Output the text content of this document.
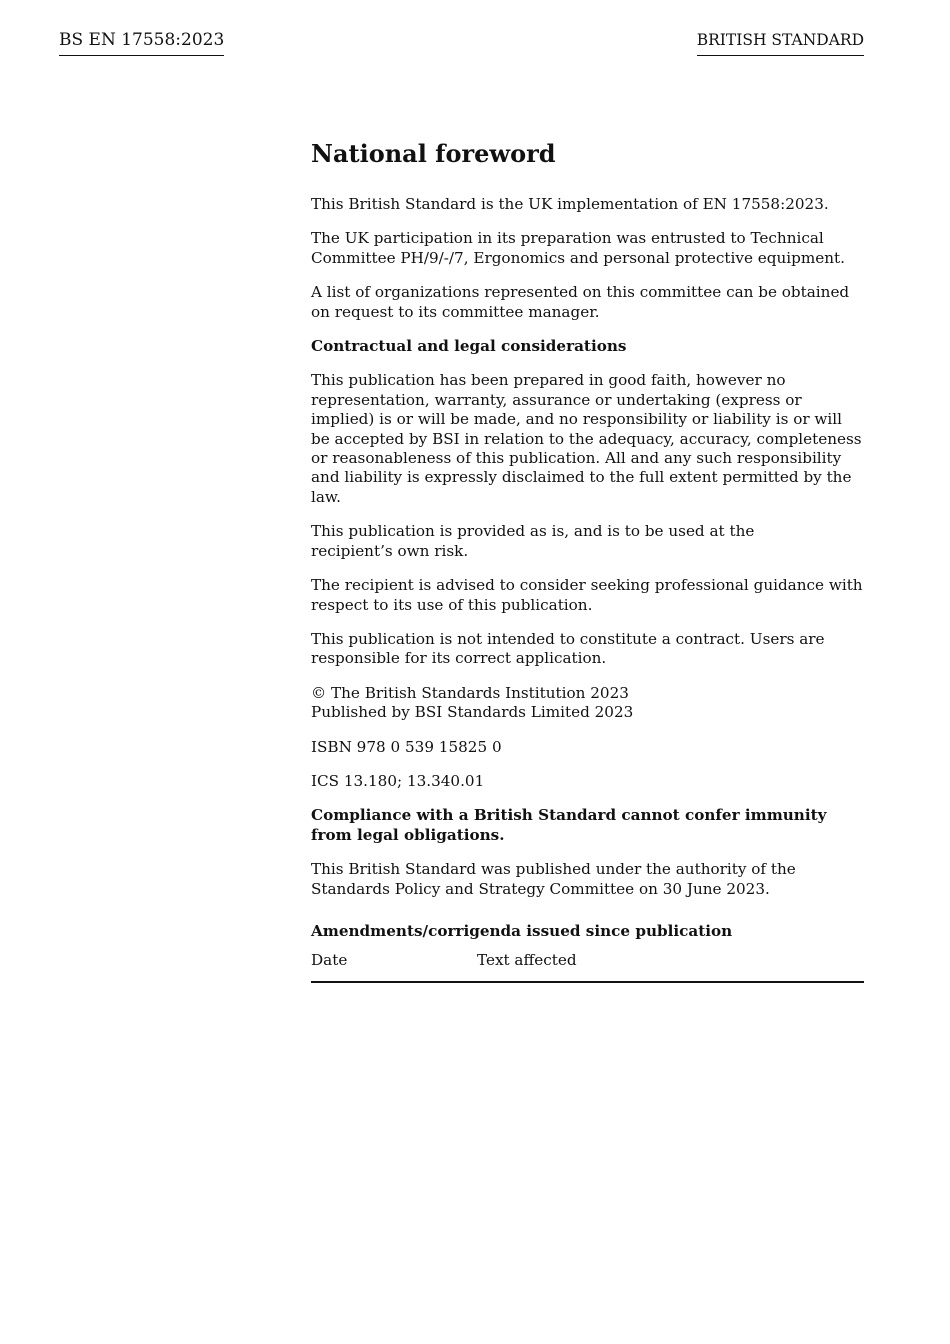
BS EN 17558:2023	BRITISH STANDARD
National foreword

This British Standard is the UK implementation of EN 17558:2023.

The UK participation in its preparation was entrusted to Technical Committee PH/9/-/7, Ergonomics and personal protective equipment.

A list of organizations represented on this committee can be obtained on request to its committee manager.

Contractual and legal considerations

This publication has been prepared in good faith, however no representation, warranty, assurance or undertaking (express or implied) is or will be made, and no responsibility or liability is or will be accepted by BSI in relation to the adequacy, accuracy, completeness or reasonableness of this publication. All and any such responsibility and liability is expressly disclaimed to the full extent permitted by the law.

This publication is provided as is, and is to be used at the
recipient’s own risk.

The recipient is advised to consider seeking professional guidance with respect to its use of this publication.

This publication is not intended to constitute a contract. Users are responsible for its correct application.

© The British Standards Institution 2023
Published by BSI Standards Limited 2023

ISBN 978 0 539 15825 0

ICS 13.180; 13.340.01

Compliance with a British Standard cannot confer immunity from legal obligations.

This British Standard was published under the authority of the Standards Policy and Strategy Committee on 30 June 2023.

Amendments/corrigenda issued since publication
Date	Text affected
